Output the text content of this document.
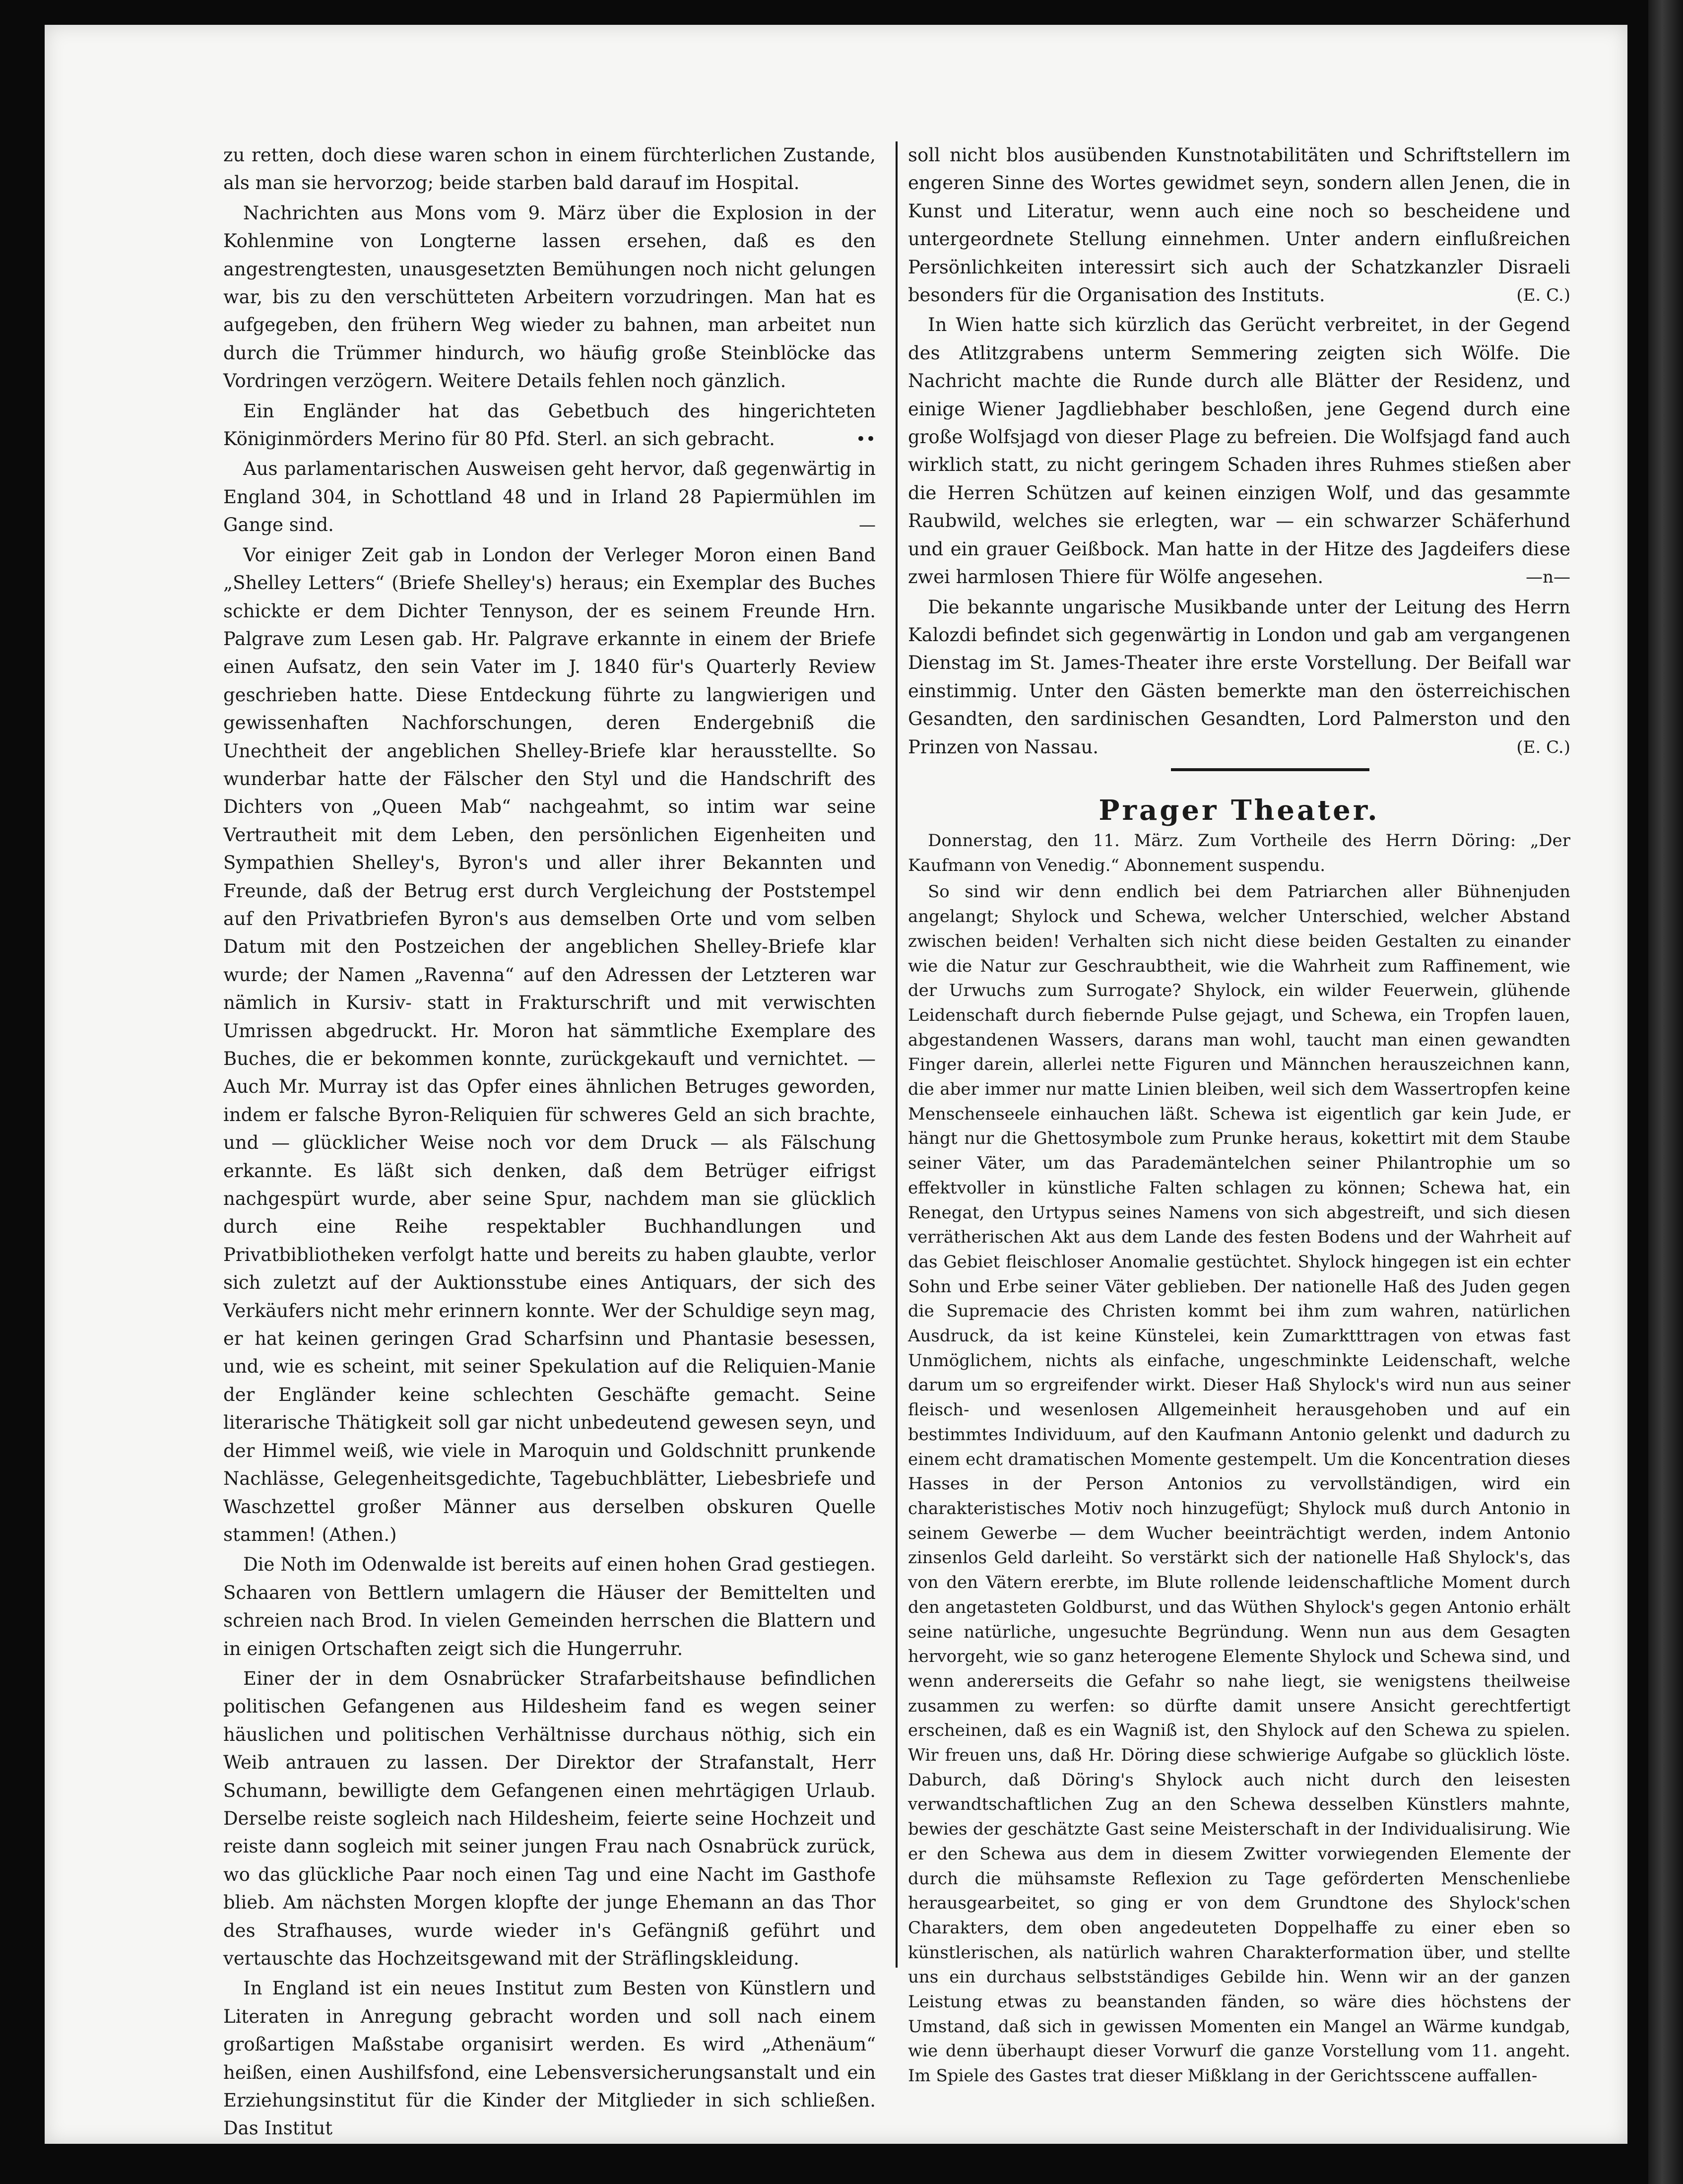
zu retten, doch diese waren schon in einem fürchterlichen Zustande, als man sie hervorzog; beide starben bald darauf im Hospital.

Nachrichten aus Mons vom 9. März über die Explosion in der Kohlenmine von Longterne lassen ersehen, daß es den angestrengtesten, unausgesetzten Bemühungen noch nicht gelungen war, bis zu den verschütteten Arbeitern vorzudringen. Man hat es aufgegeben, den frühern Weg wieder zu bahnen, man arbeitet nun durch die Trümmer hindurch, wo häufig große Steinblöcke das Vordringen verzögern. Weitere Details fehlen noch gänzlich.

Ein Engländer hat das Gebetbuch des hingerichteten Königinmörders Merino für 80 Pfd. Sterl. an sich gebracht.	••

Aus parlamentarischen Ausweisen geht hervor, daß gegenwärtig in England 304, in Schottland 48 und in Irland 28 Papiermühlen im Gange sind.	—

Vor einiger Zeit gab in London der Verleger Moron einen Band „Shelley Letters“ (Briefe Shelley's) heraus; ein Exemplar des Buches schickte er dem Dichter Tennyson, der es seinem Freunde Hrn. Palgrave zum Lesen gab. Hr. Palgrave erkannte in einem der Briefe einen Aufsatz, den sein Vater im J. 1840 für's Quarterly Review geschrieben hatte. Diese Entdeckung führte zu langwierigen und gewissenhaften Nachforschungen, deren Endergebniß die Unechtheit der angeblichen Shelley-Briefe klar herausstellte. So wunderbar hatte der Fälscher den Styl und die Handschrift des Dichters von „Queen Mab“ nachgeahmt, so intim war seine Vertrautheit mit dem Leben, den persönlichen Eigenheiten und Sympathien Shelley's, Byron's und aller ihrer Bekannten und Freunde, daß der Betrug erst durch Vergleichung der Poststempel auf den Privatbriefen Byron's aus demselben Orte und vom selben Datum mit den Postzeichen der angeblichen Shelley-Briefe klar wurde; der Namen „Ravenna“ auf den Adressen der Letzteren war nämlich in Kursiv- statt in Frakturschrift und mit verwischten Umrissen abgedruckt. Hr. Moron hat sämmtliche Exemplare des Buches, die er bekommen konnte, zurückgekauft und vernichtet. — Auch Mr. Murray ist das Opfer eines ähnlichen Betruges geworden, indem er falsche Byron-Reliquien für schweres Geld an sich brachte, und — glücklicher Weise noch vor dem Druck — als Fälschung erkannte. Es läßt sich denken, daß dem Betrüger eifrigst nachgespürt wurde, aber seine Spur, nachdem man sie glücklich durch eine Reihe respektabler Buchhandlungen und Privatbibliotheken verfolgt hatte und bereits zu haben glaubte, verlor sich zuletzt auf der Auktionsstube eines Antiquars, der sich des Verkäufers nicht mehr erinnern konnte. Wer der Schuldige seyn mag, er hat keinen geringen Grad Scharfsinn und Phantasie besessen, und, wie es scheint, mit seiner Spekulation auf die Reliquien-Manie der Engländer keine schlechten Geschäfte gemacht. Seine literarische Thätigkeit soll gar nicht unbedeutend gewesen seyn, und der Himmel weiß, wie viele in Maroquin und Goldschnitt prunkende Nachlässe, Gelegenheitsgedichte, Tagebuchblätter, Liebesbriefe und Waschzettel großer Männer aus derselben obskuren Quelle stammen! (Athen.)

Die Noth im Odenwalde ist bereits auf einen hohen Grad gestiegen. Schaaren von Bettlern umlagern die Häuser der Bemittelten und schreien nach Brod. In vielen Gemeinden herrschen die Blattern und in einigen Ortschaften zeigt sich die Hungerruhr.

Einer der in dem Osnabrücker Strafarbeitshause befindlichen politischen Gefangenen aus Hildesheim fand es wegen seiner häuslichen und politischen Verhältnisse durchaus nöthig, sich ein Weib antrauen zu lassen. Der Direktor der Strafanstalt, Herr Schumann, bewilligte dem Gefangenen einen mehrtägigen Urlaub. Derselbe reiste sogleich nach Hildesheim, feierte seine Hochzeit und reiste dann sogleich mit seiner jungen Frau nach Osnabrück zurück, wo das glückliche Paar noch einen Tag und eine Nacht im Gasthofe blieb. Am nächsten Morgen klopfte der junge Ehemann an das Thor des Strafhauses, wurde wieder in's Gefängniß geführt und vertauschte das Hochzeitsgewand mit der Sträflingskleidung.

In England ist ein neues Institut zum Besten von Künstlern und Literaten in Anregung gebracht worden und soll nach einem großartigen Maßstabe organisirt werden. Es wird „Athenäum“ heißen, einen Aushilfsfond, eine Lebensversicherungsanstalt und ein Erziehungsinstitut für die Kinder der Mitglieder in sich schließen. Das Institut

soll nicht blos ausübenden Kunstnotabilitäten und Schriftstellern im engeren Sinne des Wortes gewidmet seyn, sondern allen Jenen, die in Kunst und Literatur, wenn auch eine noch so bescheidene und untergeordnete Stellung einnehmen. Unter andern einflußreichen Persönlichkeiten interessirt sich auch der Schatzkanzler Disraeli besonders für die Organisation des Instituts.	(E. C.)

In Wien hatte sich kürzlich das Gerücht verbreitet, in der Gegend des Atlitzgrabens unterm Semmering zeigten sich Wölfe. Die Nachricht machte die Runde durch alle Blätter der Residenz, und einige Wiener Jagdliebhaber beschloßen, jene Gegend durch eine große Wolfsjagd von dieser Plage zu befreien. Die Wolfsjagd fand auch wirklich statt, zu nicht geringem Schaden ihres Ruhmes stießen aber die Herren Schützen auf keinen einzigen Wolf, und das gesammte Raubwild, welches sie erlegten, war — ein schwarzer Schäferhund und ein grauer Geißbock. Man hatte in der Hitze des Jagdeifers diese zwei harmlosen Thiere für Wölfe angesehen.	—n—

Die bekannte ungarische Musikbande unter der Leitung des Herrn Kalozdi befindet sich gegenwärtig in London und gab am vergangenen Dienstag im St. James-Theater ihre erste Vorstellung. Der Beifall war einstimmig. Unter den Gästen bemerkte man den österreichischen Gesandten, den sardinischen Gesandten, Lord Palmerston und den Prinzen von Nassau.	(E. C.)

Prager Theater.

Donnerstag, den 11. März. Zum Vortheile des Herrn Döring: „Der Kaufmann von Venedig.“ Abonnement suspendu.

So sind wir denn endlich bei dem Patriarchen aller Bühnenjuden angelangt; Shylock und Schewa, welcher Unterschied, welcher Abstand zwischen beiden! Verhalten sich nicht diese beiden Gestalten zu einander wie die Natur zur Geschraubtheit, wie die Wahrheit zum Raffinement, wie der Urwuchs zum Surrogate? Shylock, ein wilder Feuerwein, glühende Leidenschaft durch fiebernde Pulse gejagt, und Schewa, ein Tropfen lauen, abgestandenen Wassers, darans man wohl, taucht man einen gewandten Finger darein, allerlei nette Figuren und Männchen herauszeichnen kann, die aber immer nur matte Linien bleiben, weil sich dem Wassertropfen keine Menschenseele einhauchen läßt. Schewa ist eigentlich gar kein Jude, er hängt nur die Ghettosymbole zum Prunke heraus, kokettirt mit dem Staube seiner Väter, um das Parademäntelchen seiner Philantrophie um so effektvoller in künstliche Falten schlagen zu können; Schewa hat, ein Renegat, den Urtypus seines Namens von sich abgestreift, und sich diesen verrätherischen Akt aus dem Lande des festen Bodens und der Wahrheit auf das Gebiet fleischloser Anomalie gestüchtet. Shylock hingegen ist ein echter Sohn und Erbe seiner Väter geblieben. Der nationelle Haß des Juden gegen die Supremacie des Christen kommt bei ihm zum wahren, natürlichen Ausdruck, da ist keine Künstelei, kein Zumarktttragen von etwas fast Unmöglichem, nichts als einfache, ungeschminkte Leidenschaft, welche darum um so ergreifender wirkt. Dieser Haß Shylock's wird nun aus seiner fleisch- und wesenlosen Allgemeinheit herausgehoben und auf ein bestimmtes Individuum, auf den Kaufmann Antonio gelenkt und dadurch zu einem echt dramatischen Momente gestempelt. Um die Koncentration dieses Hasses in der Person Antonios zu vervollständigen, wird ein charakteristisches Motiv noch hinzugefügt; Shylock muß durch Antonio in seinem Gewerbe — dem Wucher beeinträchtigt werden, indem Antonio zinsenlos Geld darleiht. So verstärkt sich der nationelle Haß Shylock's, das von den Vätern ererbte, im Blute rollende leidenschaftliche Moment durch den angetasteten Goldburst, und das Wüthen Shylock's gegen Antonio erhält seine natürliche, ungesuchte Begründung. Wenn nun aus dem Gesagten hervorgeht, wie so ganz heterogene Elemente Shylock und Schewa sind, und wenn andererseits die Gefahr so nahe liegt, sie wenigstens theilweise zusammen zu werfen: so dürfte damit unsere Ansicht gerechtfertigt erscheinen, daß es ein Wagniß ist, den Shylock auf den Schewa zu spielen. Wir freuen uns, daß Hr. Döring diese schwierige Aufgabe so glücklich löste. Daburch, daß Döring's Shylock auch nicht durch den leisesten verwandtschaftlichen Zug an den Schewa desselben Künstlers mahnte, bewies der geschätzte Gast seine Meisterschaft in der Individualisirung. Wie er den Schewa aus dem in diesem Zwitter vorwiegenden Elemente der durch die mühsamste Reflexion zu Tage geförderten Menschenliebe herausgearbeitet, so ging er von dem Grundtone des Shylock'schen Charakters, dem oben angedeuteten Doppelhaffe zu einer eben so künstlerischen, als natürlich wahren Charakterformation über, und stellte uns ein durchaus selbstständiges Gebilde hin. Wenn wir an der ganzen Leistung etwas zu beanstanden fänden, so wäre dies höchstens der Umstand, daß sich in gewissen Momenten ein Mangel an Wärme kundgab, wie denn überhaupt dieser Vorwurf die ganze Vorstellung vom 11. angeht. Im Spiele des Gastes trat dieser Mißklang in der Gerichtsscene auffallen-
